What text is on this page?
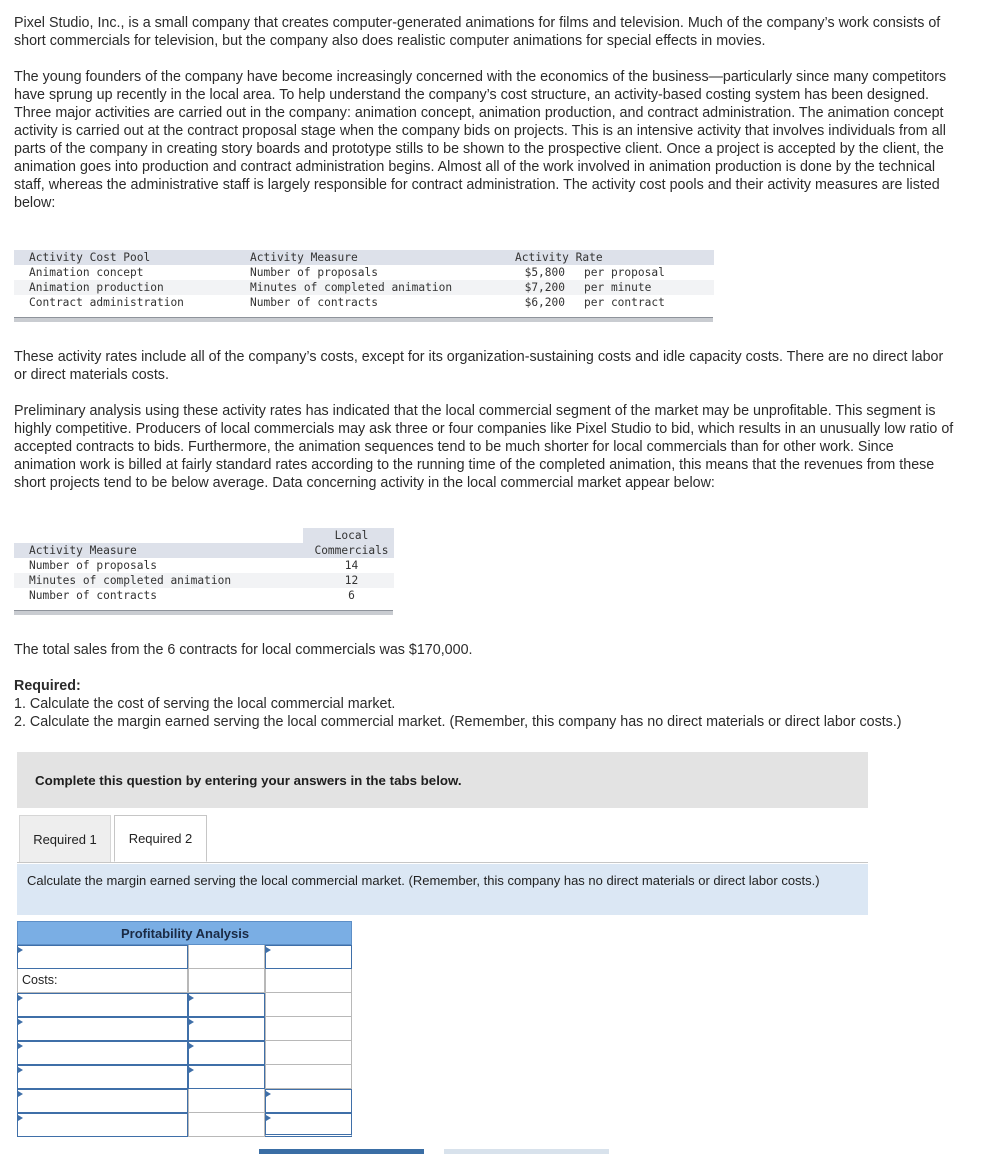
Pixel Studio, Inc., is a small company that creates computer-generated animations for films and television. Much of the company’s work consists of short commercials for television, but the company also does realistic computer animations for special effects in movies.

The young founders of the company have become increasingly concerned with the economics of the business—particularly since many competitors have sprung up recently in the local area. To help understand the company’s cost structure, an activity-based costing system has been designed. Three major activities are carried out in the company: animation concept, animation production, and contract administration. The animation concept activity is carried out at the contract proposal stage when the company bids on projects. This is an intensive activity that involves individuals from all parts of the company in creating story boards and prototype stills to be shown to the prospective client. Once a project is accepted by the client, the animation goes into production and contract administration begins. Almost all of the work involved in animation production is done by the technical staff, whereas the administrative staff is largely responsible for contract administration. The activity cost pools and their activity measures are listed below:

Activity Cost Pool	Activity Measure	Activity Rate
Animation concept	Number of proposals	$5,800	per proposal
Animation production	Minutes of completed animation	$7,200	per minute
Contract administration	Number of contracts	$6,200	per contract

These activity rates include all of the company’s costs, except for its organization-sustaining costs and idle capacity costs. There are no direct labor or direct materials costs.

Preliminary analysis using these activity rates has indicated that the local commercial segment of the market may be unprofitable. This segment is highly competitive. Producers of local commercials may ask three or four companies like Pixel Studio to bid, which results in an unusually low ratio of accepted contracts to bids. Furthermore, the animation sequences tend to be much shorter for local commercials than for other work. Since animation work is billed at fairly standard rates according to the running time of the completed animation, this means that the revenues from these short projects tend to be below average. Data concerning activity in the local commercial market appear below:

Local
Activity Measure	Commercials
Number of proposals	14
Minutes of completed animation	12
Number of contracts	6

The total sales from the 6 contracts for local commercials was $170,000.

Required:

1. Calculate the cost of serving the local commercial market.

2. Calculate the margin earned serving the local commercial market. (Remember, this company has no direct materials or direct labor costs.)

Complete this question by entering your answers in the tabs below.
Required 1	Required 2
Calculate the margin earned serving the local commercial market. (Remember, this company has no direct materials or direct labor costs.)
Profitability Analysis
Costs:
